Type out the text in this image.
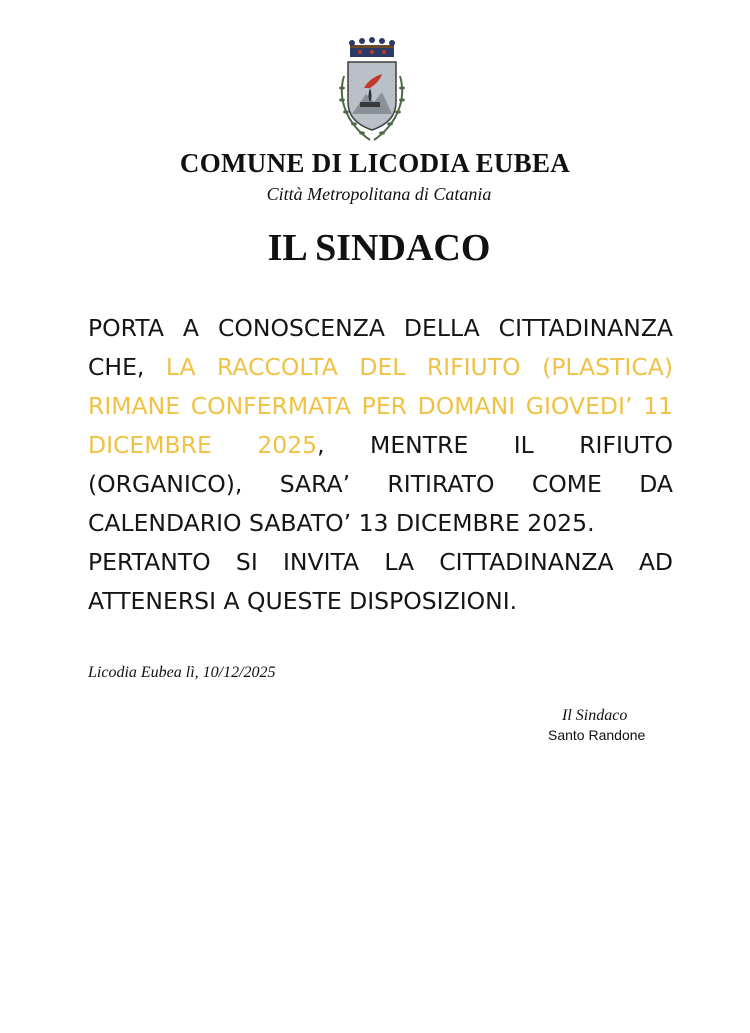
COMUNE DI LICODIA EUBEA

Città Metropolitana di Catania

IL SINDACO

PORTA A CONOSCENZA DELLA CITTADINANZA CHE, LA RACCOLTA DEL RIFIUTO (PLASTICA) RIMANE CONFERMATA PER DOMANI GIOVEDI’ 11 DICEMBRE 2025, MENTRE IL RIFIUTO (ORGANICO), SARA’ RITIRATO COME DA CALENDARIO SABATO’ 13 DICEMBRE 2025.

PERTANTO SI INVITA LA CITTADINANZA AD ATTENERSI A QUESTE DISPOSIZIONI.

Licodia Eubea lì, 10/12/2025

Il Sindaco

Santo Randone
